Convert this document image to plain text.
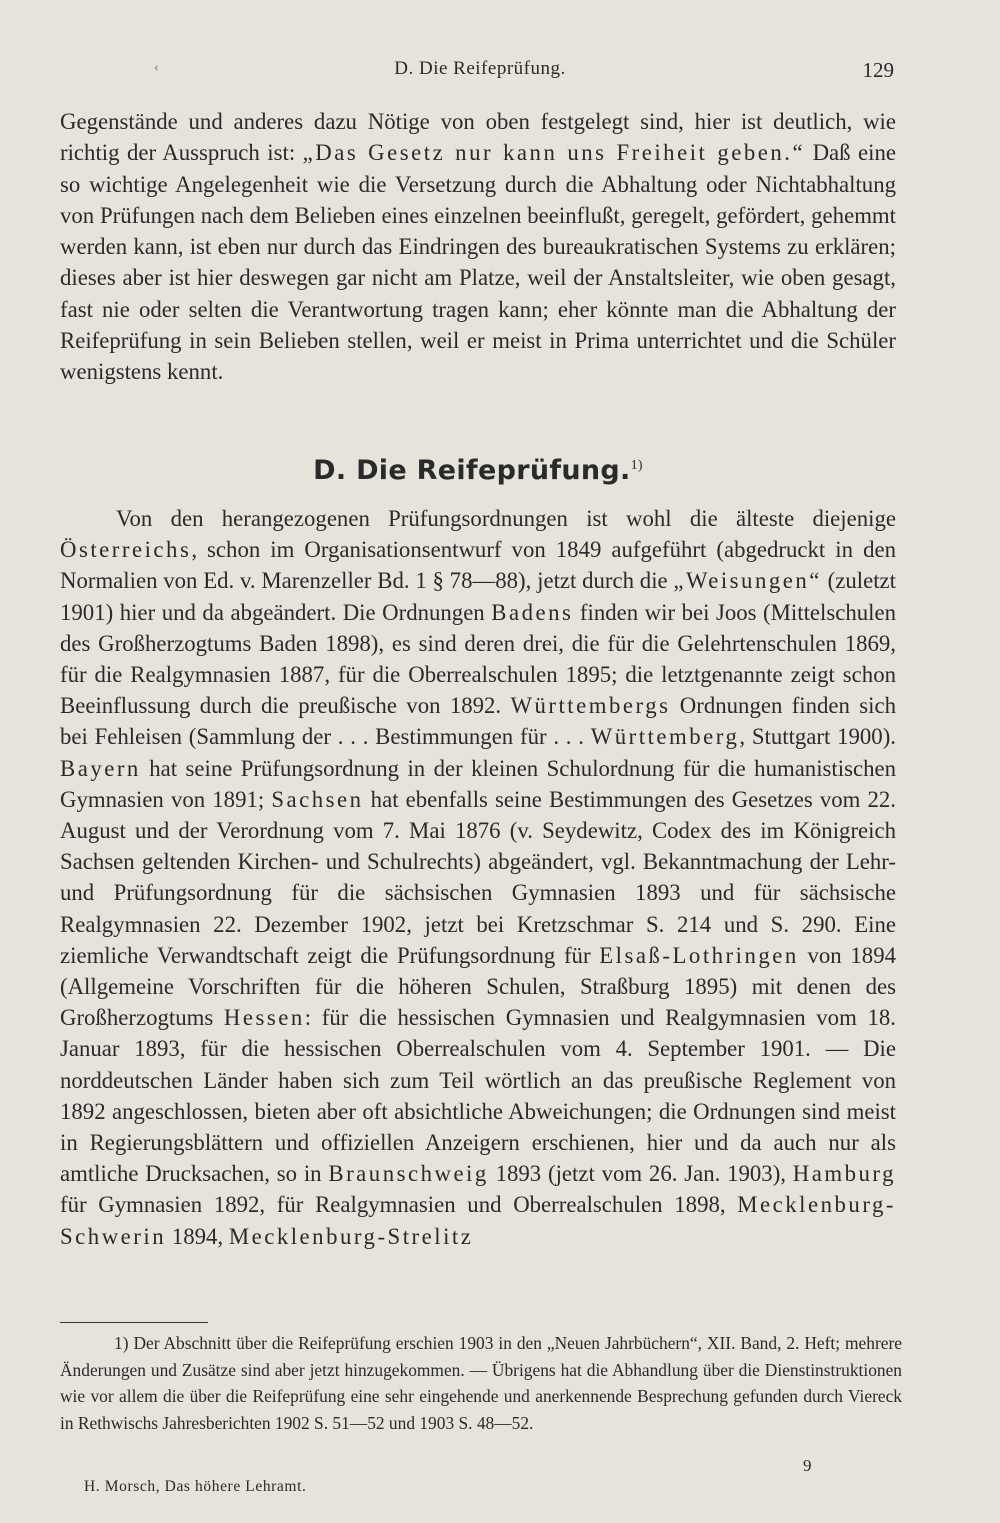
‹	D. Die Reifeprüfung.	129

Gegenstände und anderes dazu Nötige von oben festgelegt sind, hier ist deutlich, wie richtig der Ausspruch ist: „Das Gesetz nur kann uns Freiheit geben.“ Daß eine so wichtige Angelegenheit wie die Versetzung durch die Abhaltung oder Nichtabhaltung von Prüfungen nach dem Belieben eines einzelnen beeinflußt, geregelt, gefördert, gehemmt werden kann, ist eben nur durch das Eindringen des bureaukratischen Systems zu erklären; dieses aber ist hier deswegen gar nicht am Platze, weil der Anstaltsleiter, wie oben gesagt, fast nie oder selten die Verantwortung tragen kann; eher könnte man die Abhaltung der Reifeprüfung in sein Belieben stellen, weil er meist in Prima unterrichtet und die Schüler wenigstens kennt.

D. Die Reifeprüfung.$^{1)}$

Von den herangezogenen Prüfungsordnungen ist wohl die älteste diejenige Österreichs, schon im Organisationsentwurf von 1849 aufgeführt (abgedruckt in den Normalien von Ed. v. Marenzeller Bd. 1 § 78—88), jetzt durch die „Weisungen“ (zuletzt 1901) hier und da abgeändert. Die Ordnungen Badens finden wir bei Joos (Mittelschulen des Großherzogtums Baden 1898), es sind deren drei, die für die Gelehrtenschulen 1869, für die Realgymnasien 1887, für die Oberrealschulen 1895; die letztgenannte zeigt schon Beeinflussung durch die preußische von 1892. Württembergs Ordnungen finden sich bei Fehleisen (Sammlung der . . . Bestimmungen für . . . Württemberg, Stuttgart 1900). Bayern hat seine Prüfungsordnung in der kleinen Schulordnung für die humanistischen Gymnasien von 1891; Sachsen hat ebenfalls seine Bestimmungen des Gesetzes vom 22. August und der Verordnung vom 7. Mai 1876 (v. Seydewitz, Codex des im Königreich Sachsen geltenden Kirchen- und Schulrechts) abgeändert, vgl. Bekanntmachung der Lehr- und Prüfungsordnung für die sächsischen Gymnasien 1893 und für sächsische Realgymnasien 22. Dezember 1902, jetzt bei Kretzschmar S. 214 und S. 290. Eine ziemliche Verwandtschaft zeigt die Prüfungsordnung für Elsaß-Lothringen von 1894 (Allgemeine Vorschriften für die höheren Schulen, Straßburg 1895) mit denen des Großherzogtums Hessen: für die hessischen Gymnasien und Realgymnasien vom 18. Januar 1893, für die hessischen Oberrealschulen vom 4. September 1901. — Die norddeutschen Länder haben sich zum Teil wörtlich an das preußische Reglement von 1892 angeschlossen, bieten aber oft absichtliche Abweichungen; die Ordnungen sind meist in Regierungsblättern und offiziellen Anzeigern erschienen, hier und da auch nur als amtliche Drucksachen, so in Braunschweig 1893 (jetzt vom 26. Jan. 1903), Hamburg für Gymnasien 1892, für Realgymnasien und Oberrealschulen 1898, Mecklenburg-Schwerin 1894, Mecklenburg-Strelitz

1) Der Abschnitt über die Reifeprüfung erschien 1903 in den „Neuen Jahrbüchern“, XII. Band, 2. Heft; mehrere Änderungen und Zusätze sind aber jetzt hinzugekommen. — Übrigens hat die Abhandlung über die Dienstinstruktionen wie vor allem die über die Reifeprüfung eine sehr eingehende und anerkennende Besprechung gefunden durch Viereck in Rethwischs Jahresberichten 1902 S. 51—52 und 1903 S. 48—52.

9
H. Morsch, Das höhere Lehramt.
